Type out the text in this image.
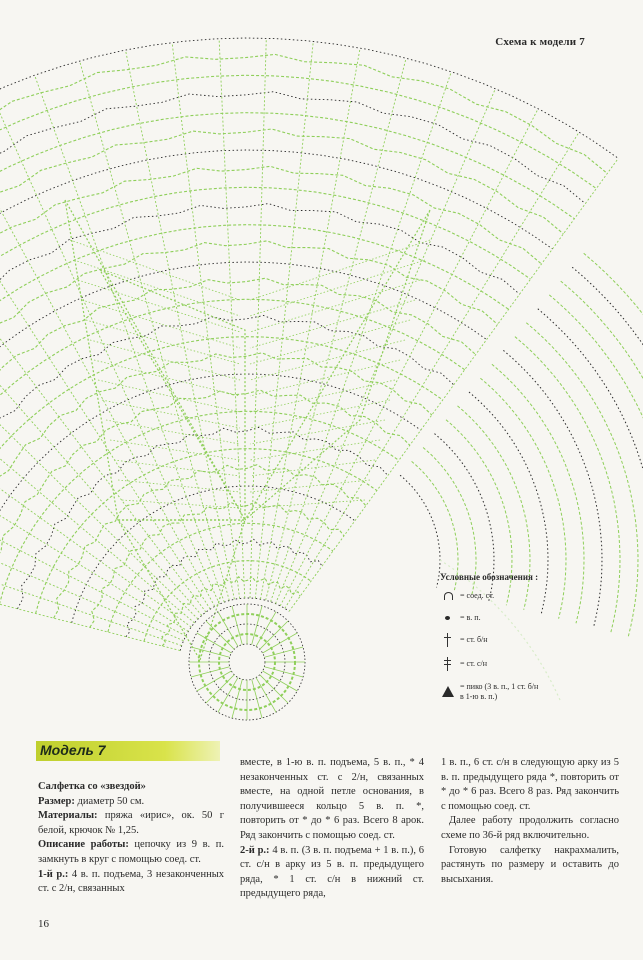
Схема к модели 7
Условные обозначения :
= соед. ст.
= в. п.
= ст. б/н
= ст. с/н
= пико (3 в. п., 1 ст. б/н в 1-ю в. п.)
Модель 7

Салфетка со «звездой»

Размер: диаметр 50 см.

Материалы: пряжа «ирис», ок. 50 г белой, крючок № 1,25.

Описание работы: цепочку из 9 в. п. замкнуть в круг с помощью соед. ст.

1-й р.: 4 в. п. подъема, 3 незаконченных ст. с 2/н, связанных

вместе, в 1-ю в. п. подъема, 5 в. п., * 4 незаконченных ст. с 2/н, связанных вместе, на одной петле основания, в получившееся кольцо 5 в. п. *, повторить от * до * 6 раз. Всего 8 арок. Ряд закончить с помощью соед. ст.

2-й р.: 4 в. п. (3 в. п. подъема + 1 в. п.), 6 ст. с/н в арку из 5 в. п. предыдущего ряда, * 1 ст. с/н в нижний ст. предыдущего ряда,

1 в. п., 6 ст. с/н в следующую арку из 5 в. п. предыдущего ряда *, повторить от * до * 6 раз. Всего 8 раз. Ряд закончить с помощью соед. ст.

Далее работу продолжить согласно схеме по 36-й ряд включительно.

Готовую салфетку накрахмалить, растянуть по размеру и оставить до высыхания.

16
